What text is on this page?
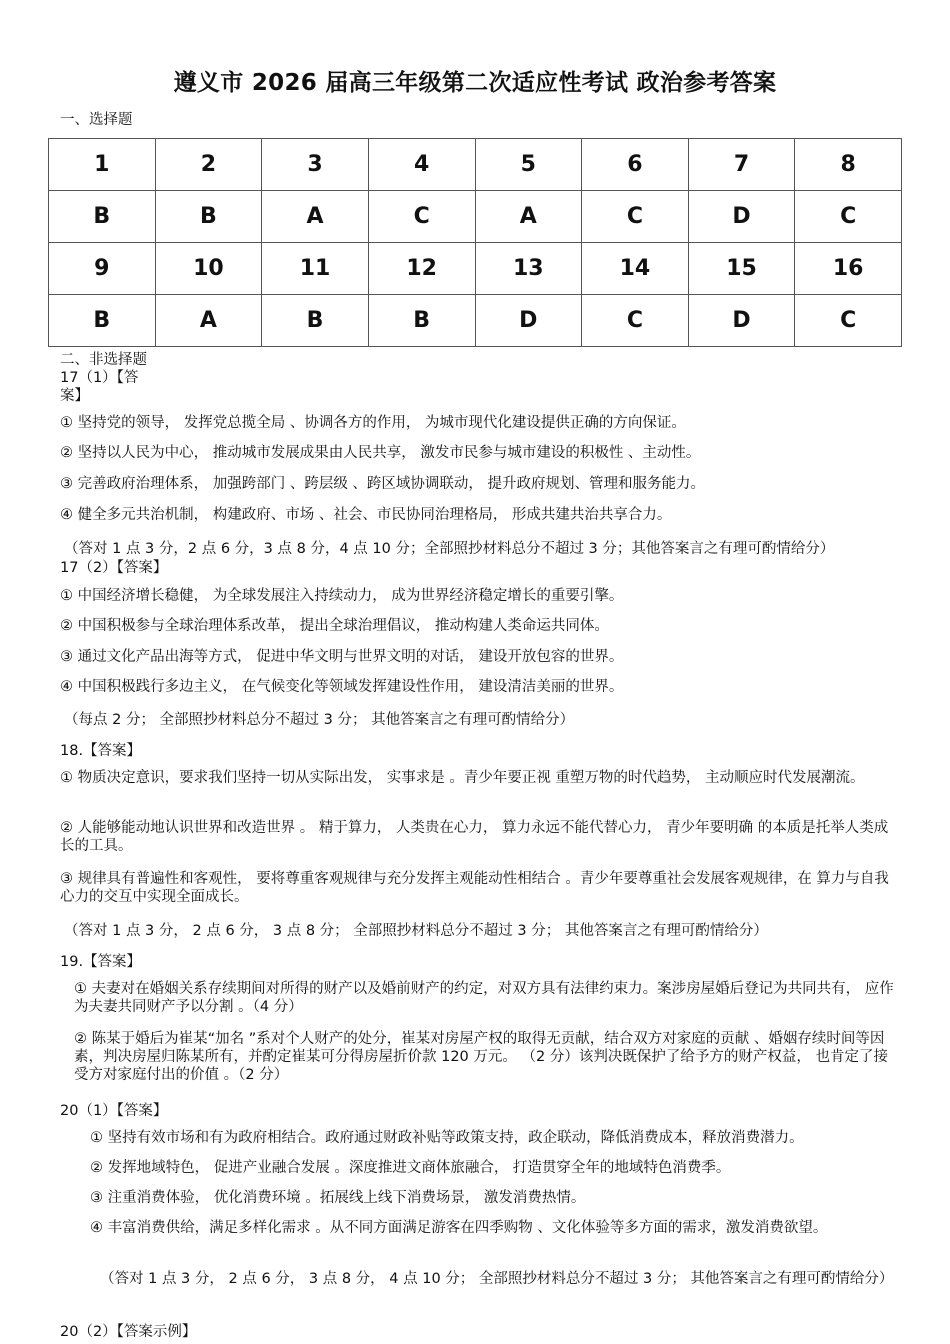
遵义市 2026 届高三年级第二次适应性考试 政治参考答案
一、选择题
1	2	3	4	5	6	7	8
B	B	A	C	A	C	D	C
9	10	11	12	13	14	15	16
B	A	B	B	D	C	D	C
二、非选择题
17（1）【答
案】
① 坚持党的领导， 发挥党总揽全局 、协调各方的作用， 为城市现代化建设提供正确的方向保证。
② 坚持以人民为中心， 推动城市发展成果由人民共享， 激发市民参与城市建设的积极性 、主动性。
③ 完善政府治理体系， 加强跨部门 、跨层级 、跨区域协调联动， 提升政府规划、管理和服务能力。
④ 健全多元共治机制， 构建政府、市场 、社会、市民协同治理格局， 形成共建共治共享合力。
（答对 1 点 3 分，2 点 6 分，3 点 8 分，4 点 10 分；全部照抄材料总分不超过 3 分；其他答案言之有理可酌情给分）
17（2）【答案】
① 中国经济增长稳健， 为全球发展注入持续动力， 成为世界经济稳定增长的重要引擎。
② 中国积极参与全球治理体系改革， 提出全球治理倡议， 推动构建人类命运共同体。
③ 通过文化产品出海等方式， 促进中华文明与世界文明的对话， 建设开放包容的世界。
④ 中国积极践行多边主义， 在气候变化等领域发挥建设性作用， 建设清洁美丽的世界。
（每点 2 分； 全部照抄材料总分不超过 3 分； 其他答案言之有理可酌情给分）
18.【答案】
① 物质决定意识，要求我们坚持一切从实际出发， 实事求是 。青少年要正视 重塑万物的时代趋势， 主动顺应时代发展潮流。
② 人能够能动地认识世界和改造世界 。 精于算力， 人类贵在心力， 算力永远不能代替心力， 青少年要明确 的本质是托举人类成长的工具。
③ 规律具有普遍性和客观性， 要将尊重客观规律与充分发挥主观能动性相结合 。青少年要尊重社会发展客观规律，在 算力与自我心力的交互中实现全面成长。
（答对 1 点 3 分， 2 点 6 分， 3 点 8 分； 全部照抄材料总分不超过 3 分； 其他答案言之有理可酌情给分）
19.【答案】
① 夫妻对在婚姻关系存续期间对所得的财产以及婚前财产的约定，对双方具有法律约束力。案涉房屋婚后登记为共同共有， 应作为夫妻共同财产予以分割 。（4 分）
② 陈某于婚后为崔某“加名 ”系对个人财产的处分，崔某对房屋产权的取得无贡献，结合双方对家庭的贡献 、婚姻存续时间等因素，判决房屋归陈某所有，并酌定崔某可分得房屋折价款 120 万元。 （2 分）该判决既保护了给予方的财产权益， 也肯定了接受方对家庭付出的价值 。（2 分）
20（1）【答案】
① 坚持有效市场和有为政府相结合。政府通过财政补贴等政策支持，政企联动，降低消费成本，释放消费潜力。
② 发挥地域特色， 促进产业融合发展 。深度推进文商体旅融合， 打造贯穿全年的地域特色消费季。
③ 注重消费体验， 优化消费环境 。拓展线上线下消费场景， 激发消费热情。
④ 丰富消费供给，满足多样化需求 。从不同方面满足游客在四季购物 、文化体验等多方面的需求，激发消费欲望。
（答对 1 点 3 分， 2 点 6 分， 3 点 8 分， 4 点 10 分； 全部照抄材料总分不超过 3 分； 其他答案言之有理可酌情给分）
20（2）【答案示例】
